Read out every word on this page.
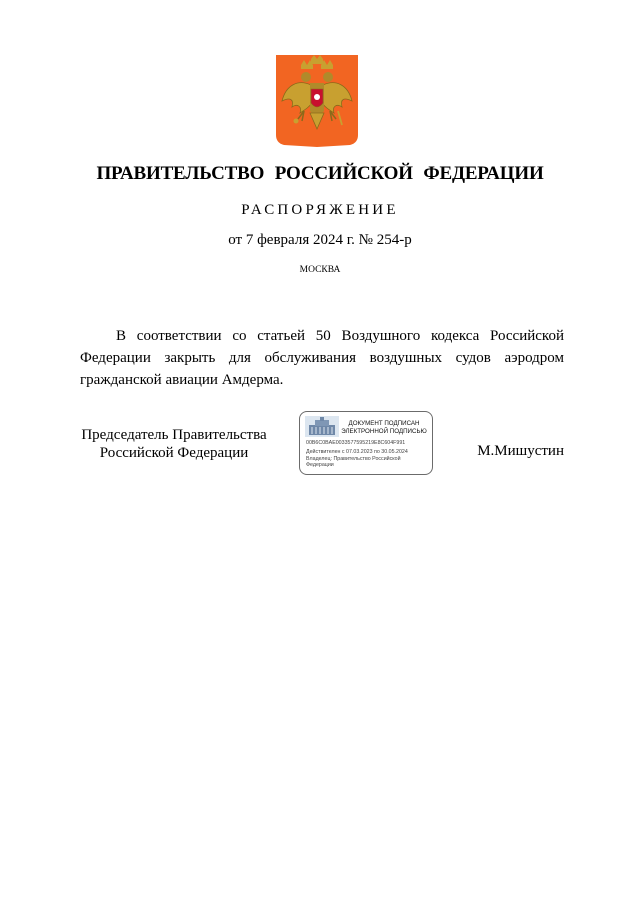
ПРАВИТЕЛЬСТВО РОССИЙСКОЙ ФЕДЕРАЦИИ
РАСПОРЯЖЕНИЕ
от 7 февраля 2024 г. № 254-р
МОСКВА

В соответствии со статьей 50 Воздушного кодекса Российской Федерации закрыть для обслуживания воздушных судов аэродром гражданской авиации Амдерма.

Председатель Правительства
Российской Федерации
ДОКУМЕНТ ПОДПИСАН
ЭЛЕКТРОННОЙ ПОДПИСЬЮ
00B6C0BAE0033577595219E8C604F991
Действителен с 07.03.2023 по 30.05.2024
Владелец: Правительство Российской
Федерации
М.Мишустин
